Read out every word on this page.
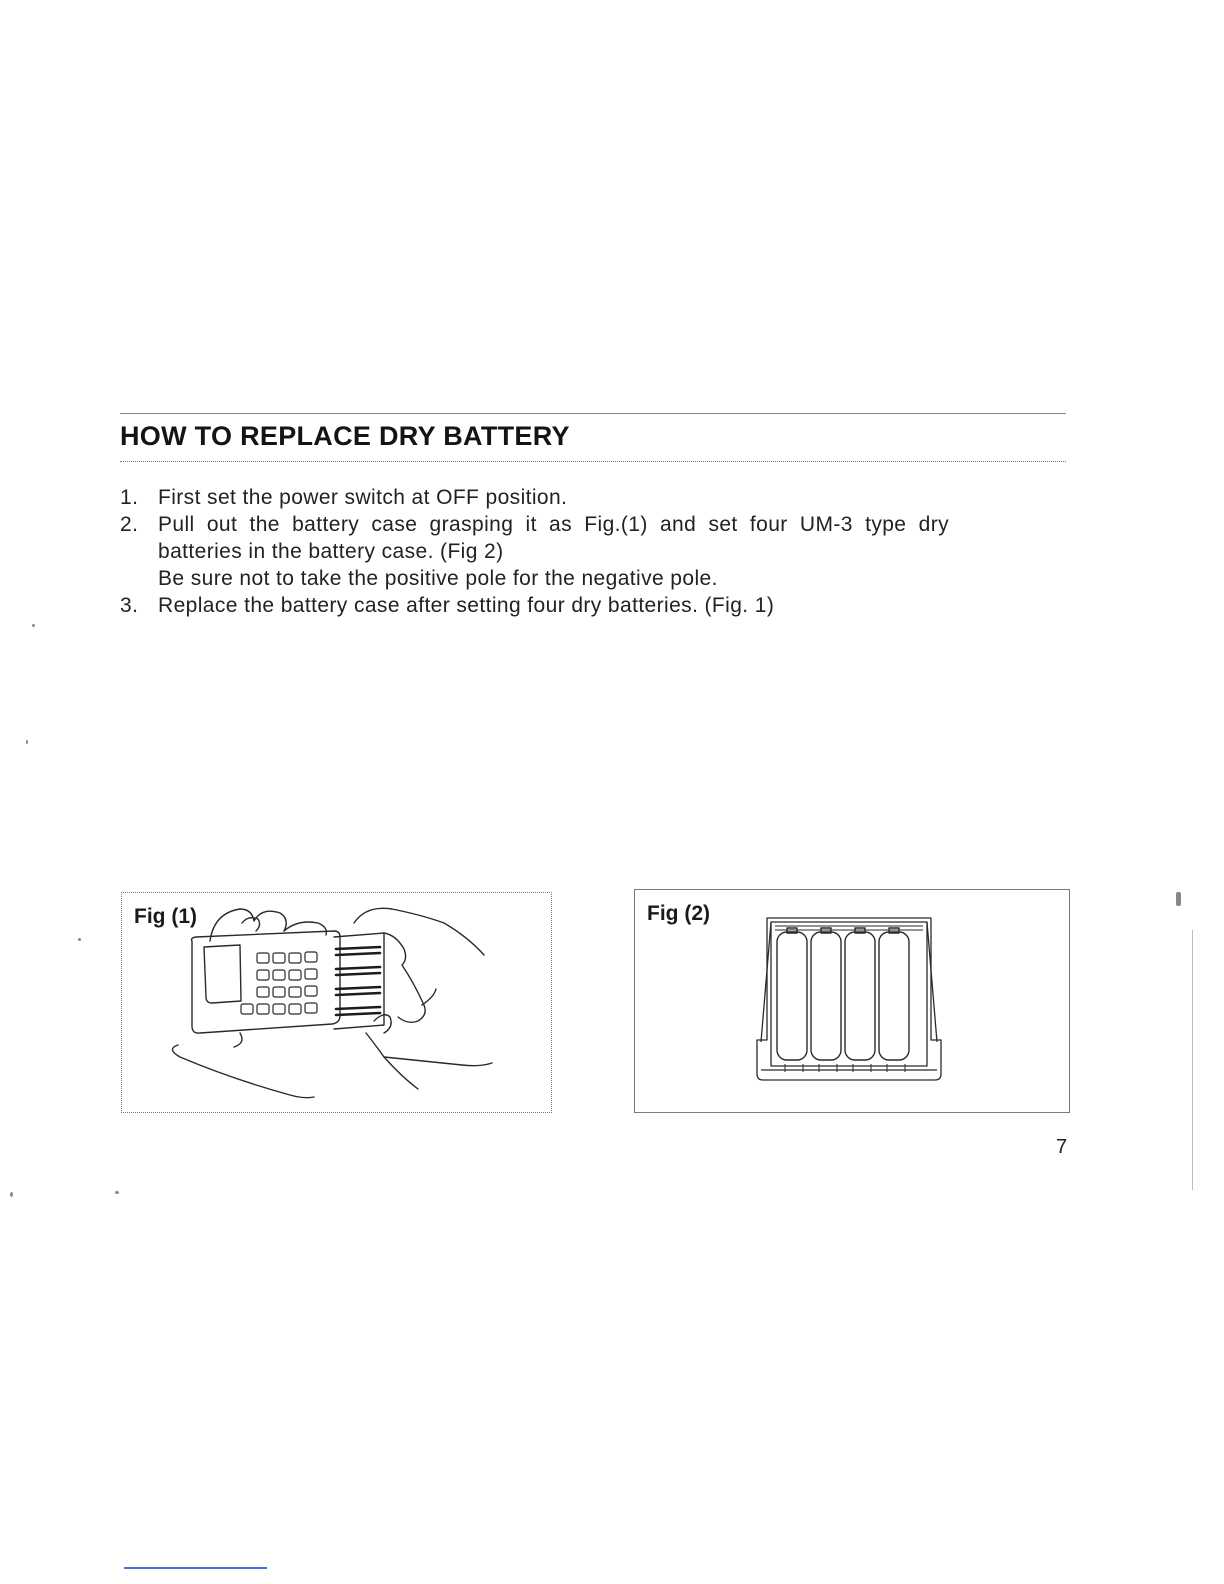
HOW TO REPLACE DRY BATTERY
1. First set the power switch at OFF position.
2. Pull out the battery case grasping it as Fig.(1) and set four UM-3 type dry
batteries in the battery case. (Fig 2)
Be sure not to take the positive pole for the negative pole.
3. Replace the battery case after setting four dry batteries. (Fig. 1)
Fig (1)	Fig (2)
7
